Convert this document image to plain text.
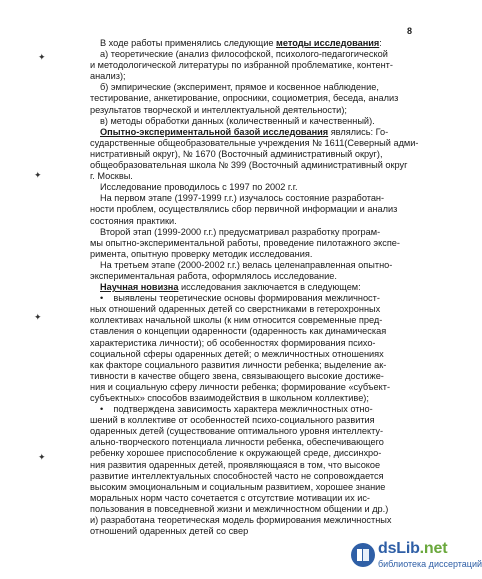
8
✦
✦
✦
✦
В ходе работы применялись следующие методы исследования:
а) теоретические (анализ философской, психолого-педагогической
и методологической литературы по избранной проблематике, контент-
анализ);
б) эмпирические (эксперимент, прямое и косвенное наблюдение,
тестирование, анкетирование, опросники, социометрия, беседа, анализ
результатов творческой и интеллектуальной деятельности);
в) методы обработки данных (количественный и качественный).
Опытно-экспериментальной базой исследования являлись: Го-
сударственные общеобразовательные учреждения № 1611(Северный адми-
нистративный округ), № 1670 (Восточный административный округ),
общеобразовательная школа № 399 (Восточный административный округ
г. Москвы.
Исследование проводилось с 1997 по 2002 г.г.
На первом этапе (1997-1999 г.г.) изучалось состояние разработан-
ности проблем, осуществлялись сбор первичной информации и анализ
состояния практики.
Второй этап (1999-2000 г.г.) предусматривал разработку програм-
мы опытно-экспериментальной работы, проведение пилотажного экспе-
римента, опытную проверку методик исследования.
На третьем этапе (2000-2002 г.г.) велась целенаправленная опытно-
экспериментальная работа, оформлялось исследование.
Научная новизна исследования заключается в следующем:
•    выявлены теоретические основы формирования межличност-
ных отношений одаренных детей со сверстниками в гетерохронных
коллективах начальной школы (к ним относится современные пред-
ставления о концепции одаренности (одаренность как динамическая
характеристика личности); об особенностях формирования психо-
социальной сферы одаренных детей; о межличностных отношениях
как факторе социального развития личности ребенка; выделение ак-
тивности в качестве общего звена, связывающего высокие достиже-
ния и социальную сферу личности ребенка; формирование «субъект-
субъектных» способов взаимодействия в школьном коллективе);
•    подтверждена зависимость характера межличностных отно-
шений в коллективе от особенностей психо-социального развития
одаренных детей (существование оптимального уровня интеллекту-
ально-творческого потенциала личности ребенка, обеспечивающего
ребенку хорошее приспособление к окружающей среде, диссинхро-
ния развития одаренных детей, проявляющаяся в том, что высокое
развитие интеллектуальных способностей часто не сопровождается
высоким эмоциональным и социальным развитием, хорошее знание
моральных норм часто сочетается с отсутствие мотивации их ис-
пользования в повседневной жизни и межличностном общении и др.)
и) разработана теоретическая модель формирования межличностных
отношений одаренных детей со свер
dsLib.net
библиотека диссертаций
